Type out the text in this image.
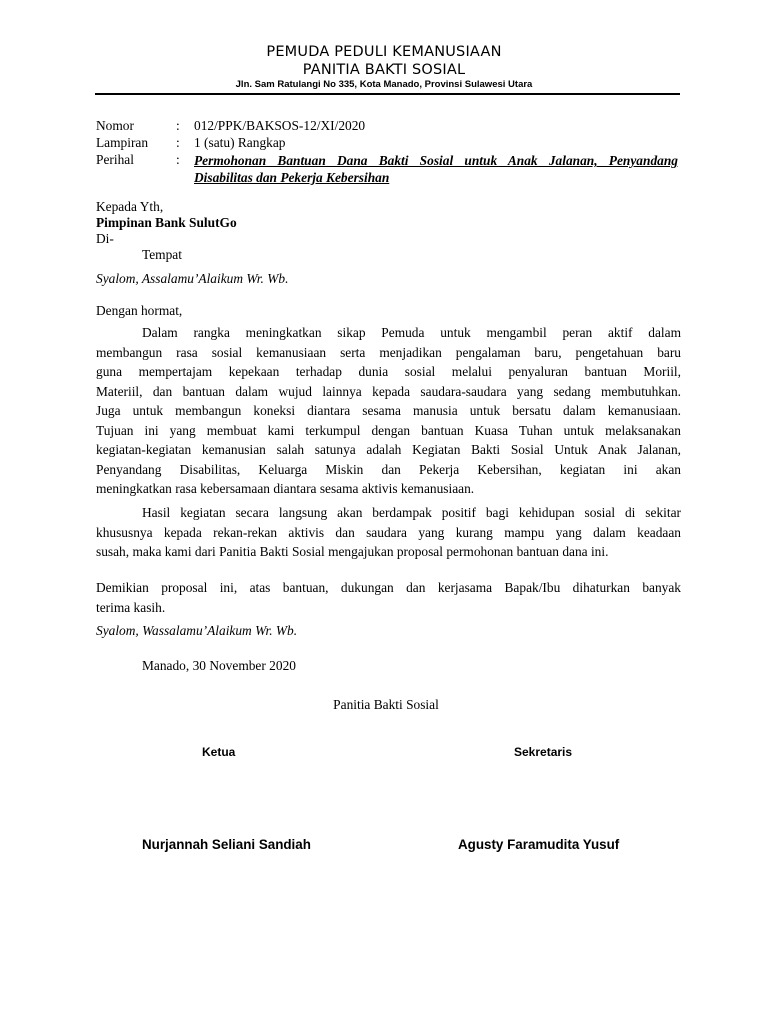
PEMUDA PEDULI KEMANUSIAAN
PANITIA BAKTI SOSIAL
Jln. Sam Ratulangi No 335, Kota Manado, Provinsi Sulawesi Utara
Nomor	: 012/PPK/BAKSOS-12/XI/2020
Lampiran : 1 (satu) Rangkap
Perihal	: Permohonan Bantuan Dana Bakti Sosial untuk Anak Jalanan, Penyandang
Disabilitas dan Pekerja Kebersihan
Kepada Yth,
Pimpinan Bank SulutGo
Di-
Tempat
Syalom, Assalamu’Alaikum Wr. Wb.
Dengan hormat,
Dalam rangka meningkatkan sikap Pemuda untuk mengambil peran aktif dalam
membangun rasa sosial kemanusiaan serta menjadikan pengalaman baru, pengetahuan baru
guna mempertajam kepekaan terhadap dunia sosial melalui penyaluran bantuan Moriil,
Materiil, dan bantuan dalam wujud lainnya kepada saudara-saudara yang sedang membutuhkan.
Juga untuk membangun koneksi diantara sesama manusia untuk bersatu dalam kemanusiaan.
Tujuan ini yang membuat kami terkumpul dengan bantuan Kuasa Tuhan untuk melaksanakan
kegiatan-kegiatan kemanusian salah satunya adalah Kegiatan Bakti Sosial Untuk Anak Jalanan,
Penyandang Disabilitas, Keluarga Miskin dan Pekerja Kebersihan, kegiatan ini akan
meningkatkan rasa kebersamaan diantara sesama aktivis kemanusiaan.
Hasil kegiatan secara langsung akan berdampak positif bagi kehidupan sosial di sekitar
khususnya kepada rekan-rekan aktivis dan saudara yang kurang mampu yang dalam keadaan
susah, maka kami dari Panitia Bakti Sosial mengajukan proposal permohonan bantuan dana ini.
Demikian proposal ini, atas bantuan, dukungan dan kerjasama Bapak/Ibu dihaturkan banyak
terima kasih.
Syalom, Wassalamu’Alaikum Wr. Wb.
Manado, 30 November 2020
Panitia Bakti Sosial
Ketua	Sekretaris
Nurjannah Seliani Sandiah	Agusty Faramudita Yusuf
